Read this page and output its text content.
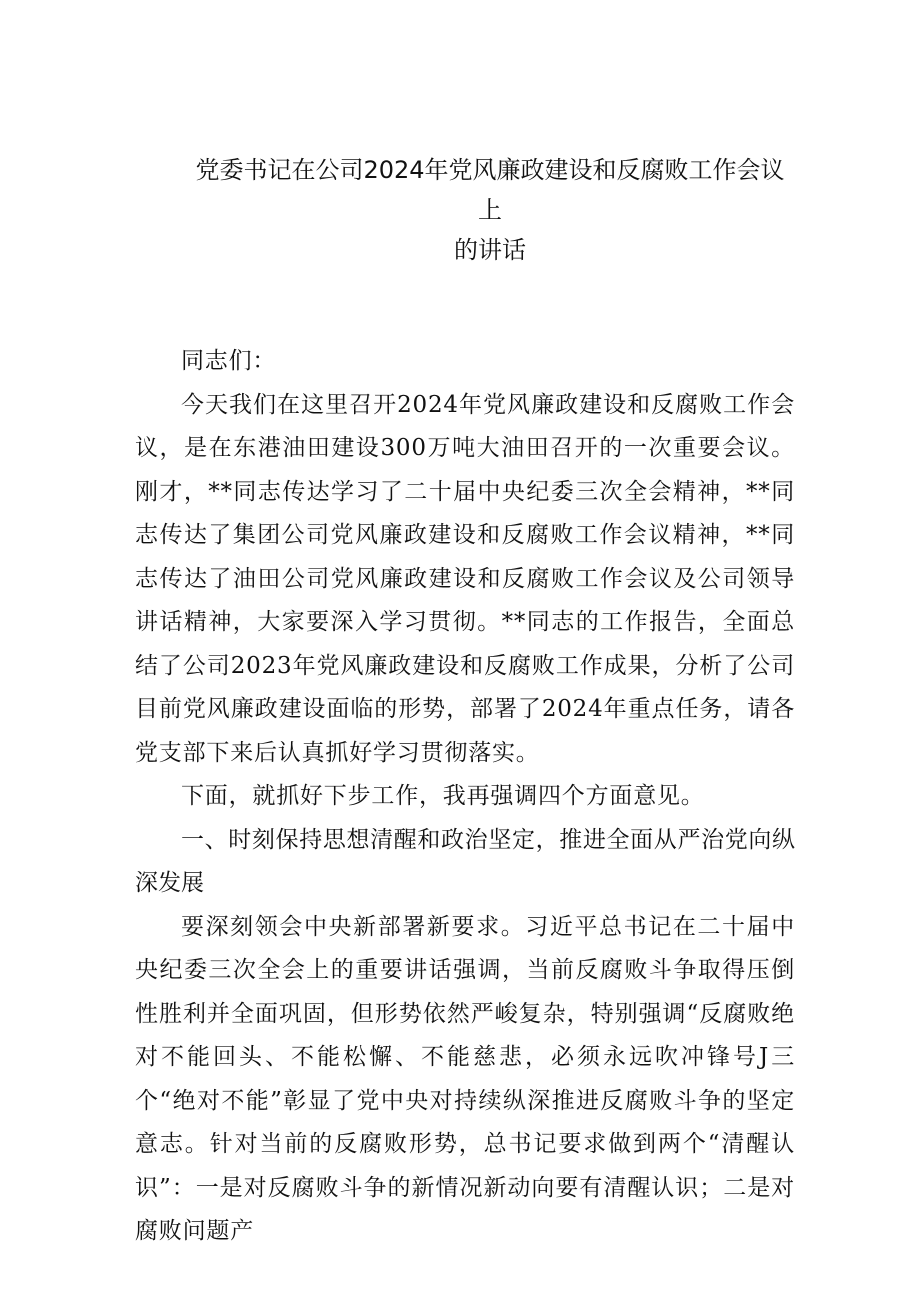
党委书记在公司2024年党风廉政建设和反腐败工作会议上
的讲话

同志们：

今天我们在这里召开2024年党风廉政建设和反腐败工作会议，是在东港油田建设300万吨大油田召开的一次重要会议。刚才，**同志传达学习了二十届中央纪委三次全会精神，**同志传达了集团公司党风廉政建设和反腐败工作会议精神，**同志传达了油田公司党风廉政建设和反腐败工作会议及公司领导讲话精神，大家要深入学习贯彻。**同志的工作报告，全面总结了公司2023年党风廉政建设和反腐败工作成果，分析了公司目前党风廉政建设面临的形势，部署了2024年重点任务，请各党支部下来后认真抓好学习贯彻落实。

下面，就抓好下步工作，我再强调四个方面意见。

一、时刻保持思想清醒和政治坚定，推进全面从严治党向纵深发展

要深刻领会中央新部署新要求。习近平总书记在二十届中央纪委三次全会上的重要讲话强调，当前反腐败斗争取得压倒性胜利并全面巩固，但形势依然严峻复杂，特别强调“反腐败绝对不能回头、不能松懈、不能慈悲，必须永远吹冲锋号J三个“绝对不能”彰显了党中央对持续纵深推进反腐败斗争的坚定意志。针对当前的反腐败形势，总书记要求做到两个“清醒认识”：一是对反腐败斗争的新情况新动向要有清醒认识；二是对腐败问题产
